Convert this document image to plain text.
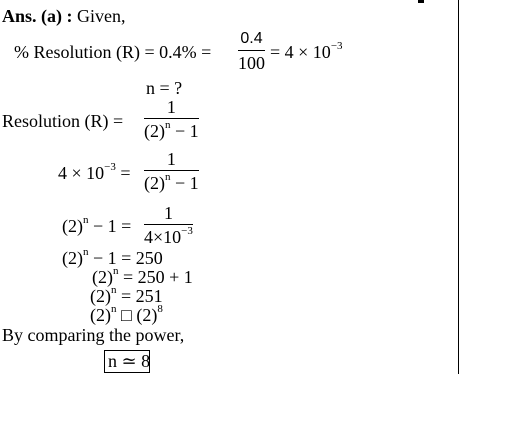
Ans. (a) : Given,
% Resolution (R) = 0.4% =
0.4
100
= $4 \times 10^{-3}$
n = ?
Resolution (R) =
1
$(2)^n - 1$
$4 \times 10^{-3}$ =
1
$(2)^n - 1$
$(2)^n - 1$ =
1
$4\times 10^{-3}$
$(2)^n - 1 = 250$
$(2)^n = 250 + 1$
$(2)^n = 251$
$(2)^n$ □ $(2)^8$
By comparing the power,
n ≃ 8
